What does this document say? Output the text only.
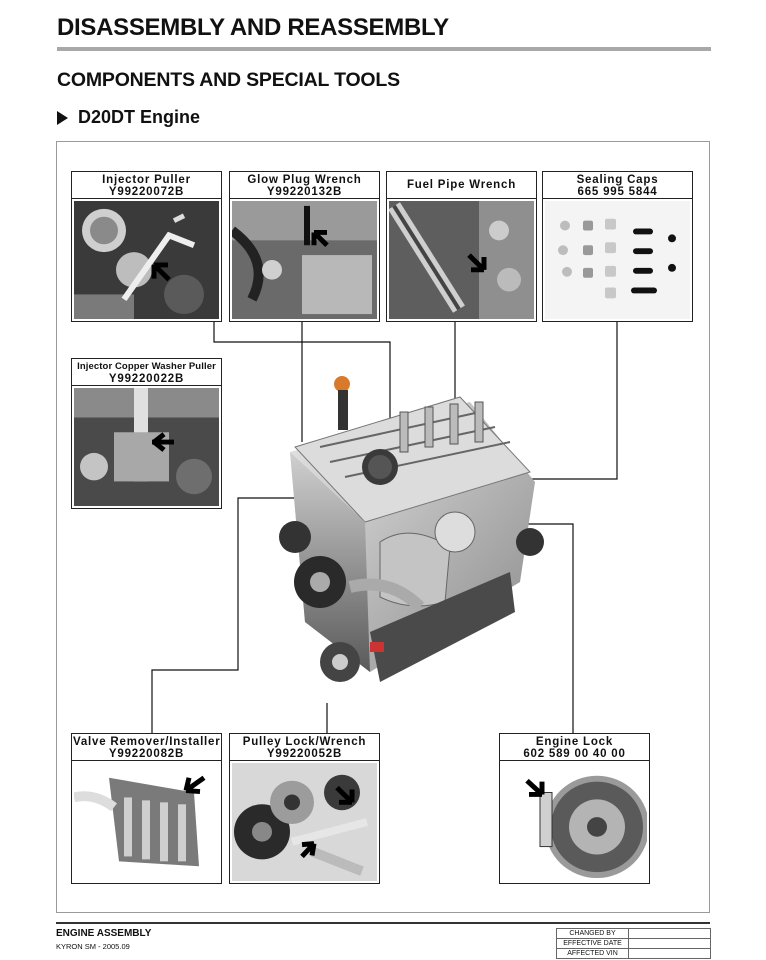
DISASSEMBLY AND REASSEMBLY
COMPONENTS AND SPECIAL TOOLS
D20DT Engine
Injector Puller
Y99220072B
Glow Plug Wrench
Y99220132B
Fuel Pipe Wrench	Sealing Caps
665 995 5844
Injector Copper Washer Puller
Y99220022B
Valve Remover/Installer
Y99220082B
Pulley Lock/Wrench
Y99220052B
Engine Lock
602 589 00 40 00
ENGINE ASSEMBLY
KYRON SM - 2005.09
CHANGED BY	
EFFECTIVE DATE	
AFFECTED VIN	
